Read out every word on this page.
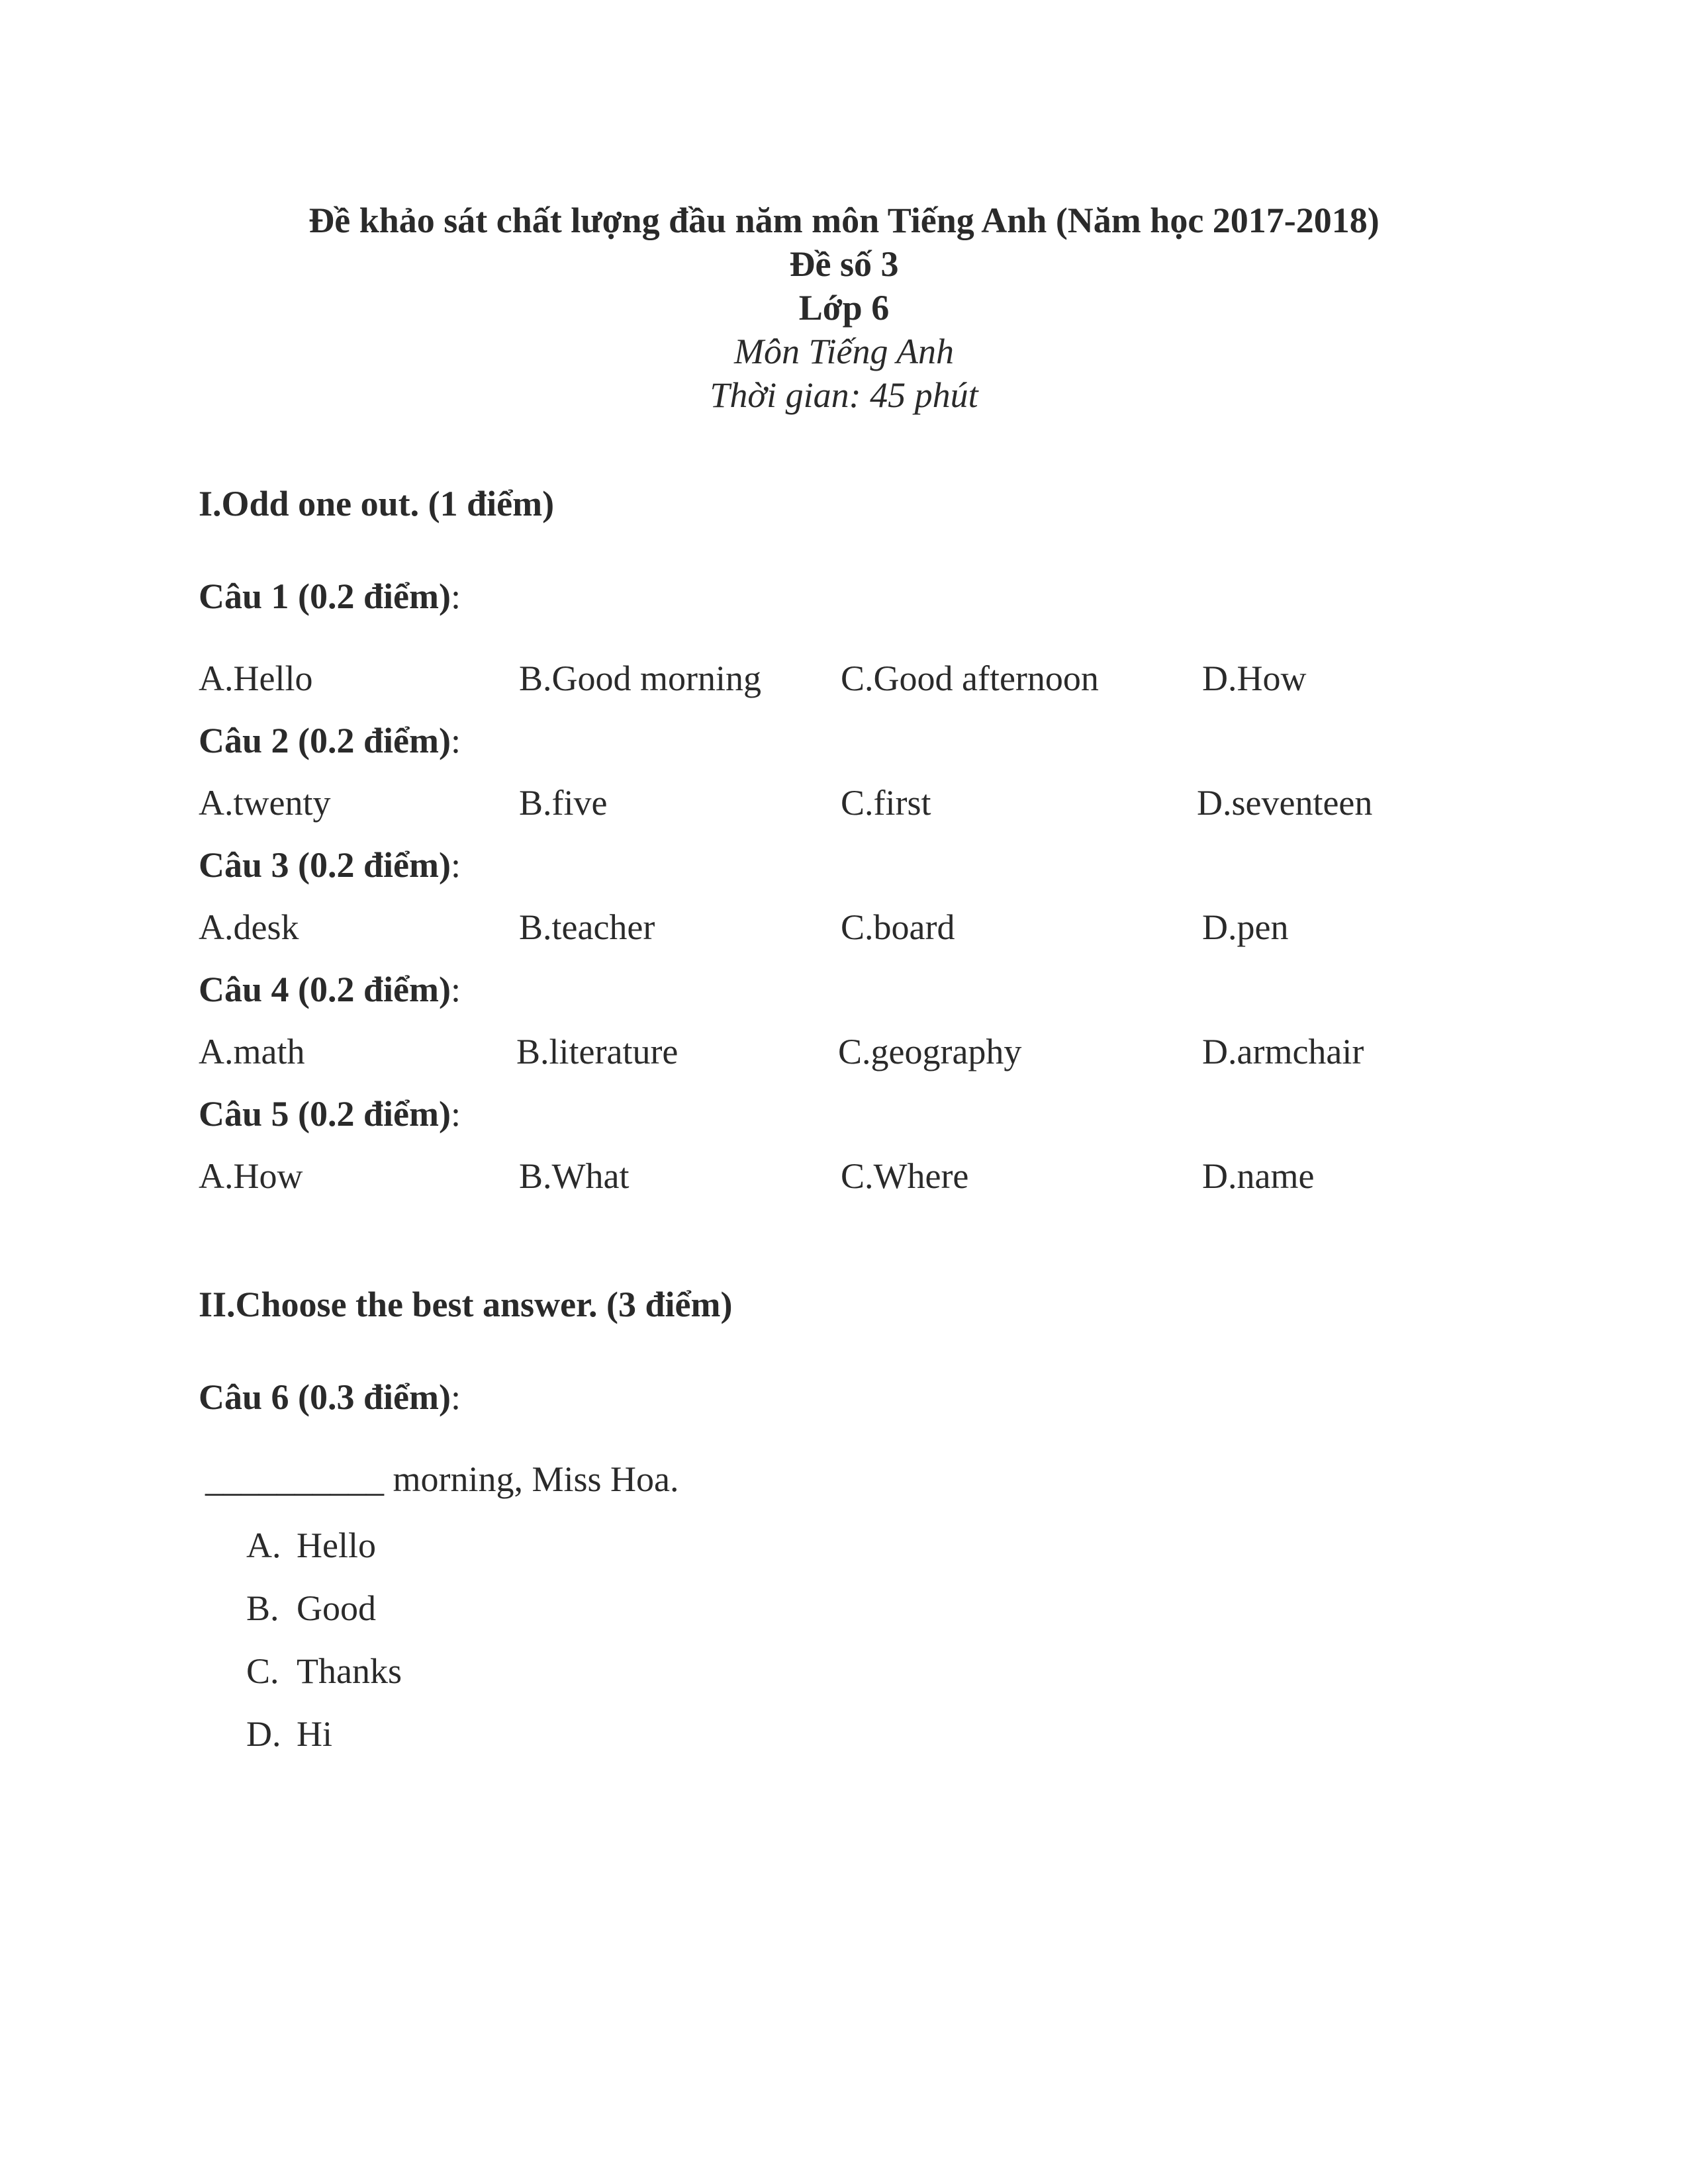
Đề khảo sát chất lượng đầu năm môn Tiếng Anh (Năm học 2017-2018)
Đề số 3
Lớp 6
Môn Tiếng Anh
Thời gian: 45 phút
I.Odd one out. (1 điểm)
Câu 1 (0.2 điểm):
A.Hello	B.Good morning C.Good afternoon	D.How
Câu 2 (0.2 điểm):
A.twenty	B.five	C.first	D.seventeen
Câu 3 (0.2 điểm):
A.desk	B.teacher	C.board	D.pen
Câu 4 (0.2 điểm):
A.math	B.literature	C.geography	D.armchair
Câu 5 (0.2 điểm):
A.How	B.What	C.Where	D.name
II.Choose the best answer. (3 điểm)
Câu 6 (0.3 điểm):
__________ morning, Miss Hoa.
A. Hello
B. Good
C. Thanks
D. Hi
